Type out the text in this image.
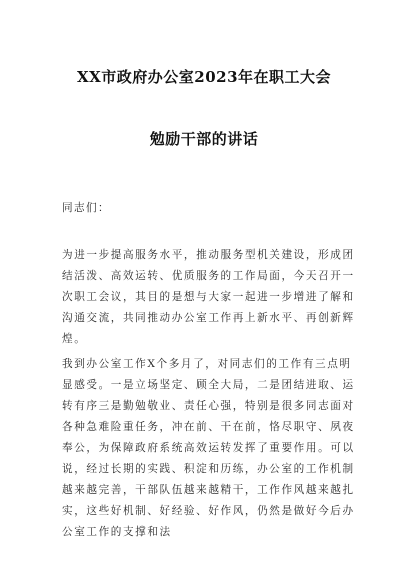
XX市政府办公室2023年在职工大会
勉励干部的讲话
同志们：
为进一步提高服务水平，推动服务型机关建设，形成团结活泼、高效运转、优质服务的工作局面，今天召开一次职工会议，其目的是想与大家一起进一步增进了解和沟通交流，共同推动办公室工作再上新水平、再创新辉煌。
我到办公室工作X个多月了，对同志们的工作有三点明显感受。一是立场坚定、顾全大局，二是团结进取、运转有序三是勤勉敬业、责任心强，特别是很多同志面对各种急难险重任务，冲在前、干在前，恪尽职守、夙夜奉公，为保障政府系统高效运转发挥了重要作用。可以说，经过长期的实践、积淀和历练，办公室的工作机制越来越完善，干部队伍越来越精干，工作作风越来越扎实，这些好机制、好经验、好作风，仍然是做好今后办公室工作的支撑和法
